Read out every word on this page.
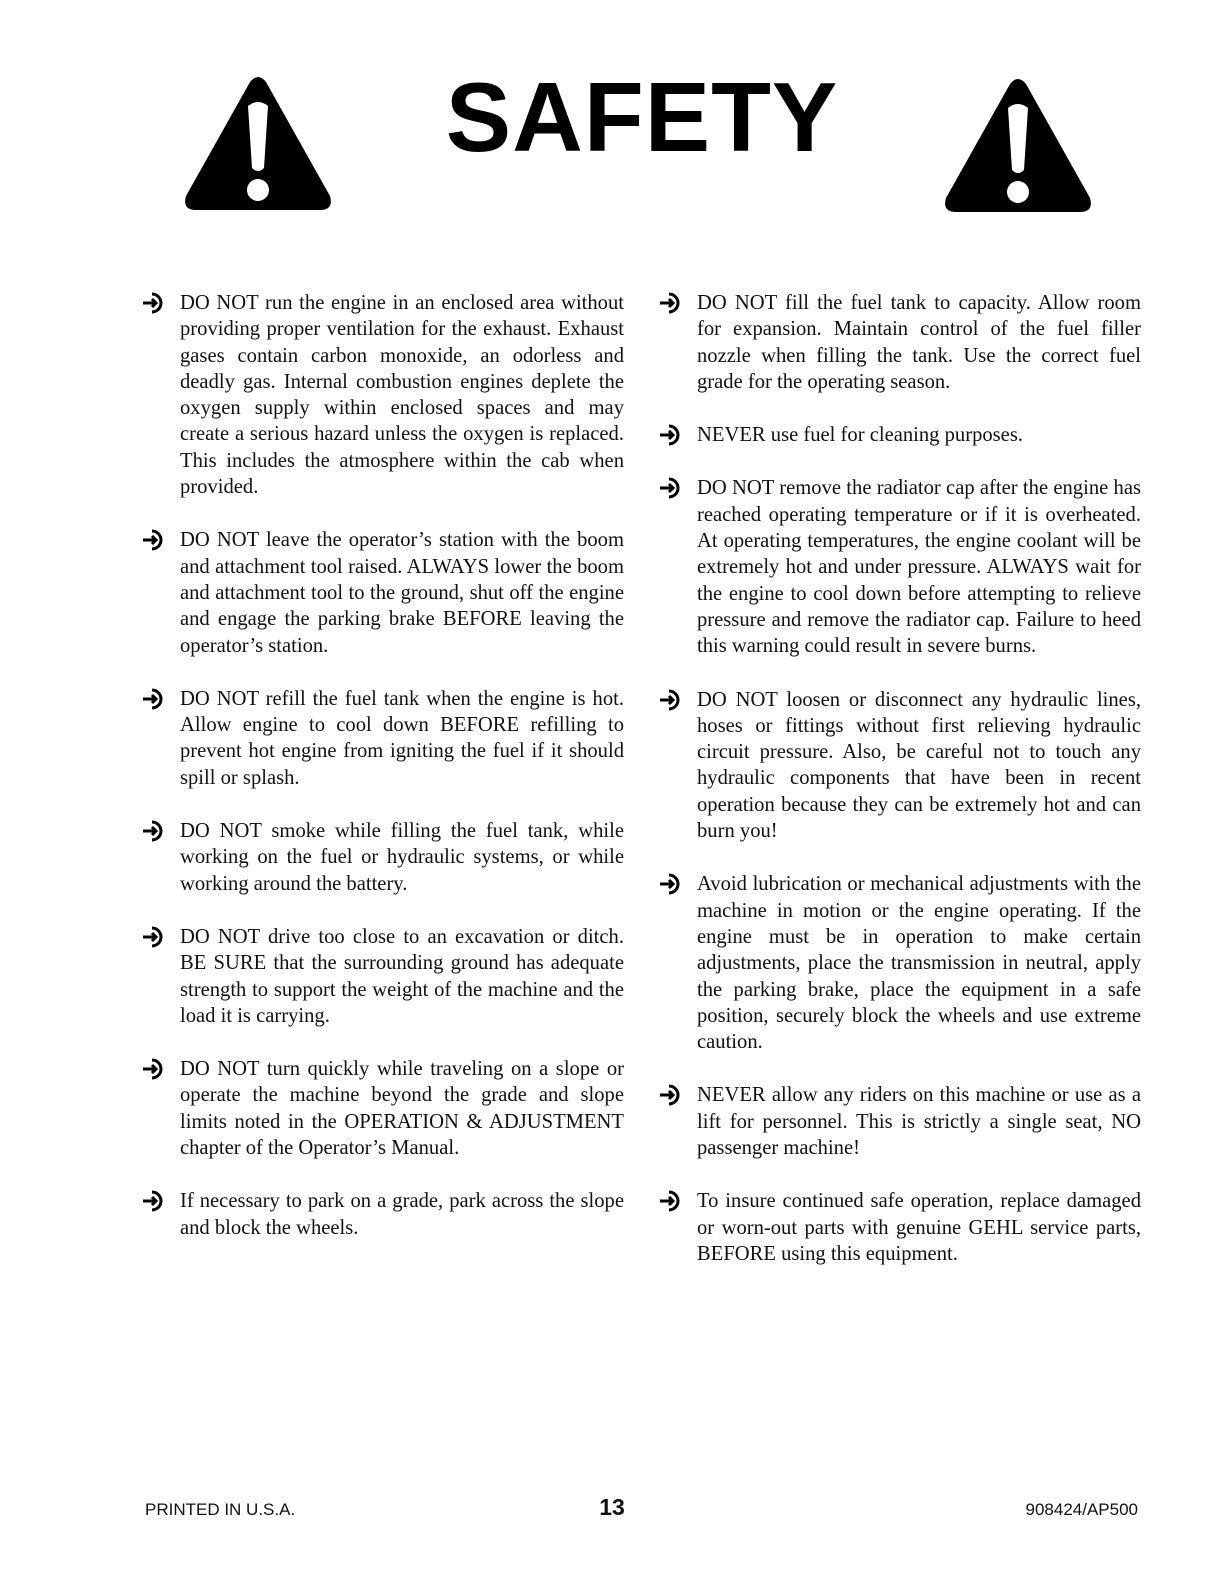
SAFETY
DO NOT run the engine in an enclosed area without providing proper ventilation for the exhaust. Exhaust gases contain carbon monoxide, an odorless and deadly gas. Internal combustion engines deplete the oxygen supply within enclosed spaces and may create a serious hazard unless the oxygen is replaced. This includes the atmosphere within the cab when provided.
DO NOT leave the operator’s station with the boom and attachment tool raised. ALWAYS lower the boom and attachment tool to the ground, shut off the engine and engage the parking brake BEFORE leaving the operator’s station.
DO NOT refill the fuel tank when the engine is hot. Allow engine to cool down BEFORE refilling to prevent hot engine from igniting the fuel if it should spill or splash.
DO NOT smoke while filling the fuel tank, while working on the fuel or hydraulic systems, or while working around the battery.
DO NOT drive too close to an excavation or ditch. BE SURE that the surrounding ground has adequate strength to support the weight of the machine and the load it is carrying.
DO NOT turn quickly while traveling on a slope or operate the machine beyond the grade and slope limits noted in the OPERATION & ADJUSTMENT chapter of the Operator’s Manual.
If necessary to park on a grade, park across the slope and block the wheels.
DO NOT fill the fuel tank to capacity. Allow room for expansion. Maintain control of the fuel filler nozzle when filling the tank. Use the correct fuel grade for the operating season.
NEVER use fuel for cleaning purposes.
DO NOT remove the radiator cap after the engine has reached operating temperature or if it is overheated. At operating temperatures, the engine coolant will be extremely hot and under pressure. ALWAYS wait for the engine to cool down before attempting to relieve pressure and remove the radiator cap. Failure to heed this warning could result in severe burns.
DO NOT loosen or disconnect any hydraulic lines, hoses or fittings without first relieving hydraulic circuit pressure. Also, be careful not to touch any hydraulic components that have been in recent operation because they can be extremely hot and can burn you!
Avoid lubrication or mechanical adjustments with the machine in motion or the engine operating. If the engine must be in operation to make certain adjustments, place the transmission in neutral, apply the parking brake, place the equipment in a safe position, securely block the wheels and use extreme caution.
NEVER allow any riders on this machine or use as a lift for personnel. This is strictly a single seat, NO passenger machine!
To insure continued safe operation, replace damaged or worn-out parts with genuine GEHL service parts, BEFORE using this equipment.
PRINTED IN U.S.A.	13	908424/AP500
